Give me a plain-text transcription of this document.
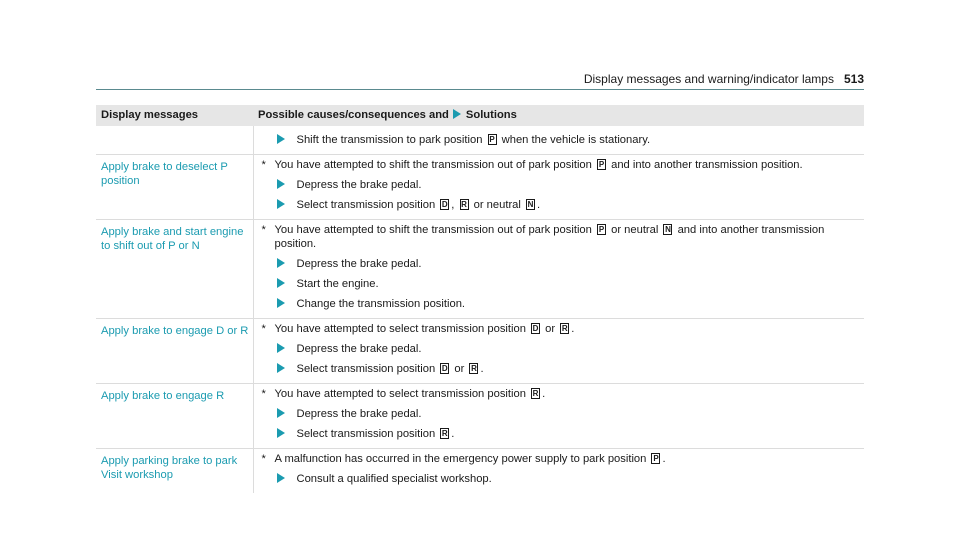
Display messages and warning/indicator lamps 513
Display messages	Possible causes/consequences and Solutions

	Shift the transmission to park position P when the vehicle is stationary.

Apply brake to deselect P position	* You have attempted to shift the transmission out of park position P and into another transmission position.
Depress the brake pedal.
Select transmission position D , R or neutral N .

Apply brake and start engine to shift out of P or N	* You have attempted to shift the transmission out of park position P or neutral N and into another transmission position.
Depress the brake pedal.
Start the engine.
Change the transmission position.

Apply brake to engage D or R	* You have attempted to select transmission position D or R .
Depress the brake pedal.
Select transmission position D or R .

Apply brake to engage R	* You have attempted to select transmission position R .
Depress the brake pedal.
Select transmission position R .

Apply parking brake to park Visit workshop	* A malfunction has occurred in the emergency power supply to park position P .
Consult a qualified specialist workshop.
